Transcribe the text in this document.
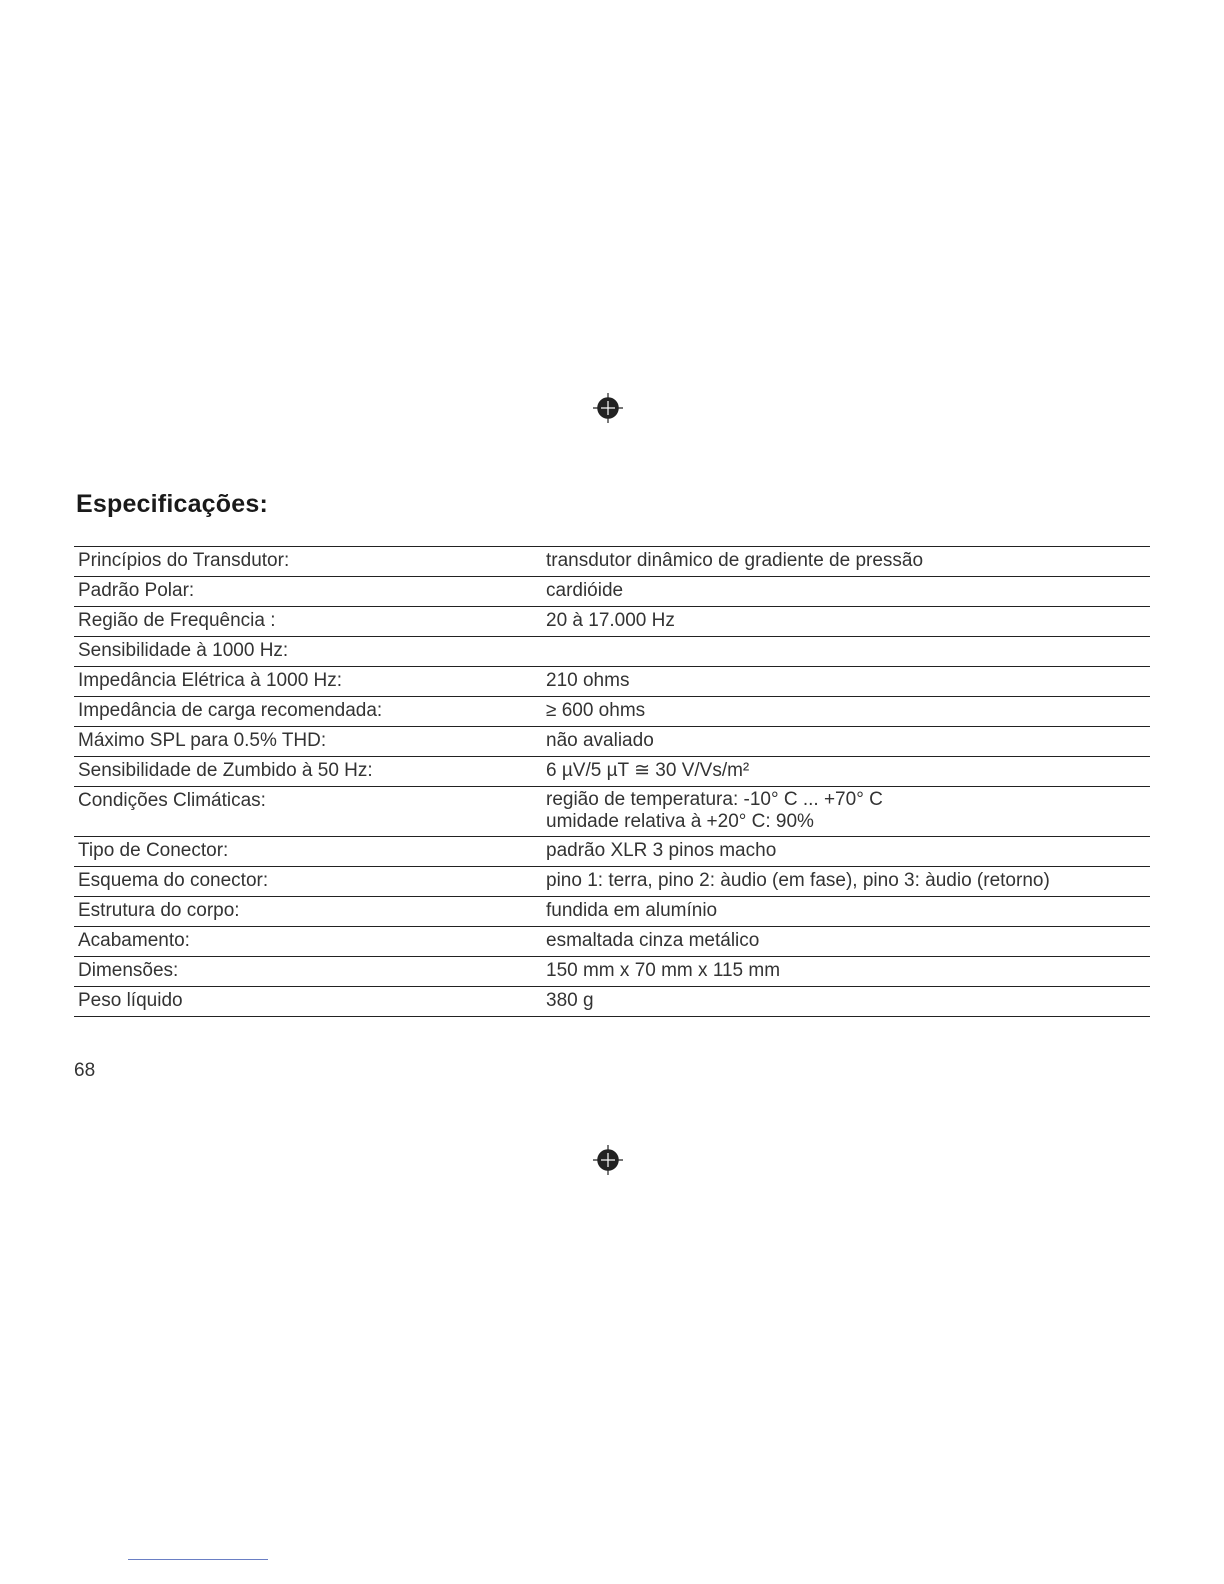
Especificações:
Princípios do Transdutor:	transdutor dinâmico de gradiente de pressão
Padrão Polar:	cardióide
Região de Frequência :	20 à 17.000 Hz
Sensibilidade à 1000 Hz:	
Impedância Elétrica à 1000 Hz:	210 ohms
Impedância de carga recomendada:	≥ 600 ohms
Máximo SPL para 0.5% THD:	não avaliado
Sensibilidade de Zumbido à 50 Hz:	6 µV/5 µT ≅ 30 V/Vs/m²
Condições Climáticas:	região de temperatura: -10° C ... +70° C
umidade relativa à +20° C: 90%

Tipo de Conector:	padrão XLR 3 pinos macho
Esquema do conector:	pino 1: terra, pino 2: àudio (em fase), pino 3: àudio (retorno)
Estrutura do corpo:	fundida em alumínio
Acabamento:	esmaltada cinza metálico
Dimensões:	150 mm x 70 mm x 115 mm
Peso líquido	380 g
68
